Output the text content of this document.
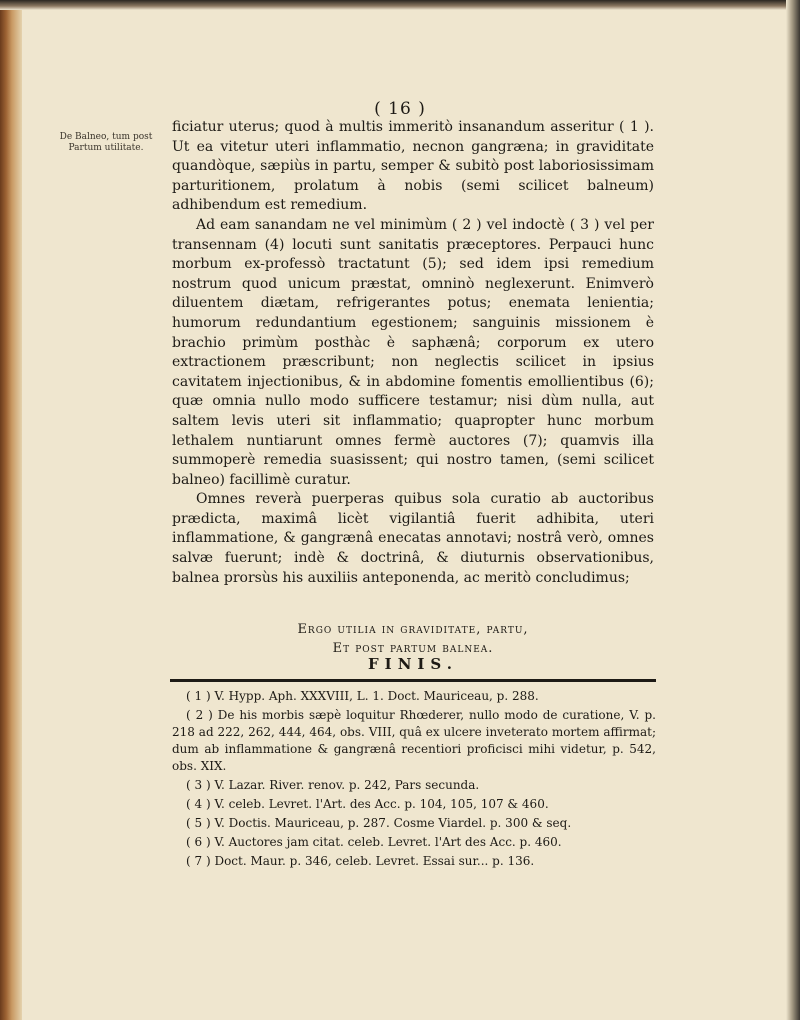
( 16 )
De Balneo, tum post Partum utilitate.

ficiatur uterus; quod à multis immeritò insanandum asseritur ( 1 ). Ut ea vitetur uteri inflammatio, necnon gangræna; in graviditate quandòque, sæpiùs in partu, semper & subitò post laboriosissimam parturitionem, prolatum à nobis (semi scilicet balneum) adhibendum est remedium.

Ad eam sanandam ne vel minimùm ( 2 ) vel indoctè ( 3 ) vel per transennam (4) locuti sunt sanitatis præceptores. Perpauci hunc morbum ex-professò tractatunt (5); sed idem ipsi remedium nostrum quod unicum præstat, omninò neglexerunt. Enimverò diluentem diætam, refrigerantes potus; enemata lenientia; humorum redundantium egestionem; sanguinis missionem è brachio primùm posthàc è saphænâ; corporum ex utero extractionem præscribunt; non neglectis scilicet in ipsius cavitatem injectionibus, & in abdomine fomentis emollientibus (6); quæ omnia nullo modo sufficere testamur; nisi dùm nulla, aut saltem levis uteri sit inflammatio; quapropter hunc morbum lethalem nuntiarunt omnes fermè auctores (7); quamvis illa summoperè remedia suasissent; qui nostro tamen, (semi scilicet balneo) facillimè curatur.

Omnes reverà puerperas quibus sola curatio ab auctoribus prædicta, maximâ licèt vigilantiâ fuerit adhibita, uteri inflammatione, & gangrænâ enecatas annotavi; nostrâ verò, omnes salvæ fuerunt; indè & doctrinâ, & diuturnis observationibus, balnea prorsùs his auxiliis anteponenda, ac meritò concludimus;

Ergo utilia in graviditate, partu,
Et post partum balnea.
FINIS.

( 1 ) V. Hypp. Aph. XXXVIII, L. 1. Doct. Mauriceau, p. 288.

( 2 ) De his morbis sæpè loquitur Rhœderer, nullo modo de curatione, V. p. 218 ad 222, 262, 444, 464, obs. VIII, quâ ex ulcere inveterato mortem affirmat; dum ab inflammatione & gangrænâ recentiori proficisci mihi videtur, p. 542, obs. XIX.

( 3 ) V. Lazar. River. renov. p. 242, Pars secunda.

( 4 ) V. celeb. Levret. l'Art. des Acc. p. 104, 105, 107 & 460.

( 5 ) V. Doctis. Mauriceau, p. 287. Cosme Viardel. p. 300 & seq.

( 6 ) V. Auctores jam citat. celeb. Levret. l'Art des Acc. p. 460.

( 7 ) Doct. Maur. p. 346, celeb. Levret. Essai sur... p. 136.
